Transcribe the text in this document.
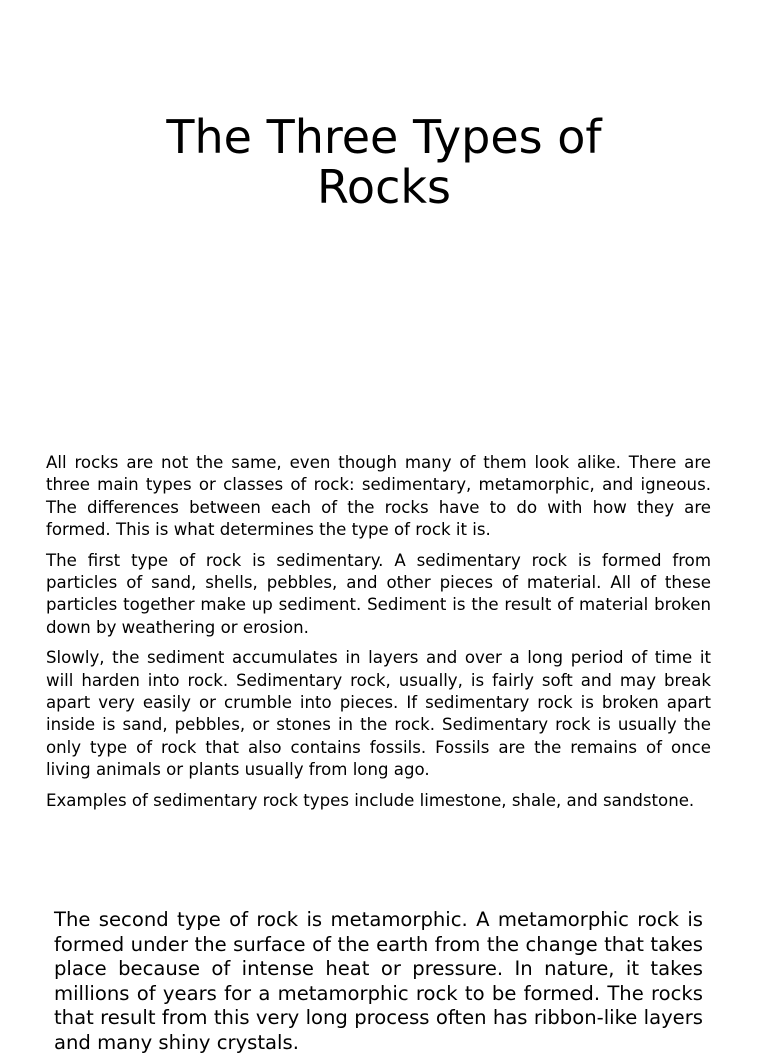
The Three Types of Rocks

All rocks are not the same, even though many of them look alike. There are three main types or classes of rock: sedimentary, metamorphic, and igneous. The differences between each of the rocks have to do with how they are formed. This is what determines the type of rock it is.

The first type of rock is sedimentary. A sedimentary rock is formed from particles of sand, shells, pebbles, and other pieces of material. All of these particles together make up sediment. Sediment is the result of material broken down by weathering or erosion.

Slowly, the sediment accumulates in layers and over a long period of time it will harden into rock. Sedimentary rock, usually, is fairly soft and may break apart very easily or crumble into pieces. If sedimentary rock is broken apart inside is sand, pebbles, or stones in the rock. Sedimentary rock is usually the only type of rock that also contains fossils. Fossils are the remains of once living animals or plants usually from long ago.

Examples of sedimentary rock types include limestone, shale, and sandstone.

The second type of rock is metamorphic. A metamorphic rock is formed under the surface of the earth from the change that takes place because of intense heat or pressure. In nature, it takes millions of years for a metamorphic rock to be formed. The rocks that result from this very long process often has ribbon-like layers and many shiny crystals.
